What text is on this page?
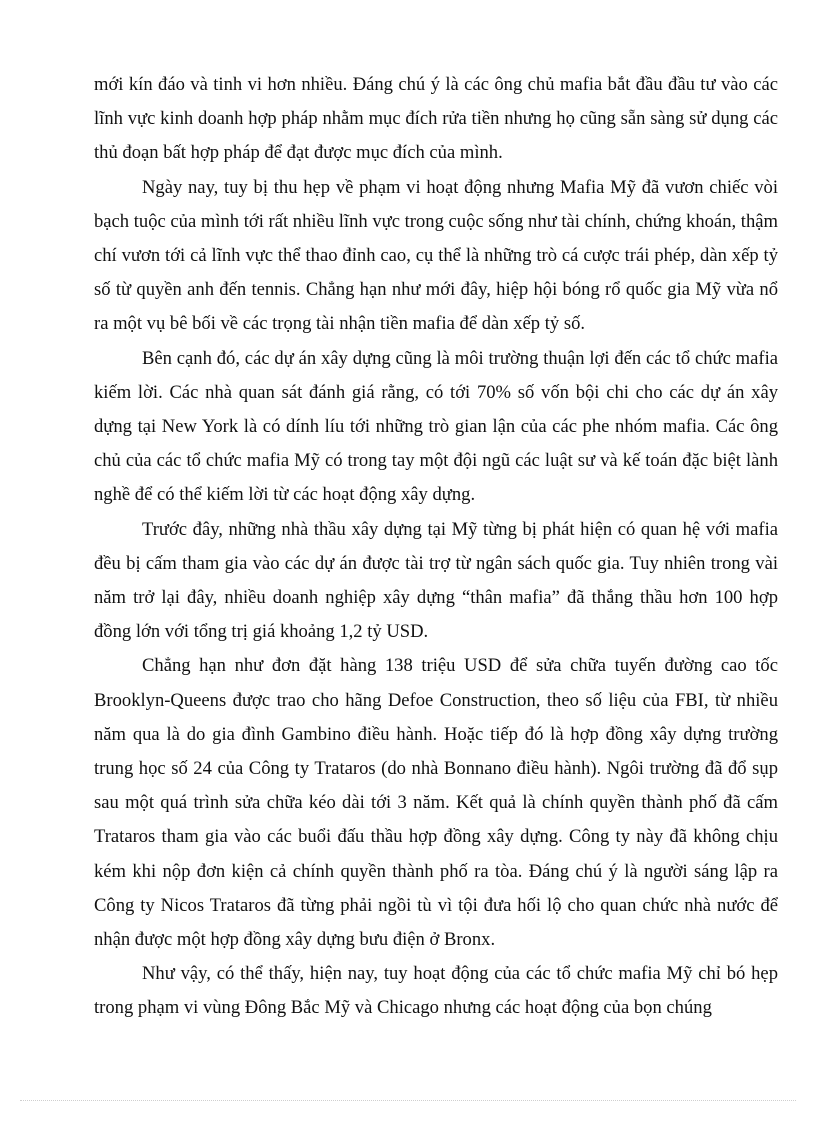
mới kín đáo và tinh vi hơn nhiều. Đáng chú ý là các ông chủ mafia bắt đầu đầu tư vào các lĩnh vực kinh doanh hợp pháp nhằm mục đích rửa tiền nhưng họ cũng sẵn sàng sử dụng các thủ đoạn bất hợp pháp để đạt được mục đích của mình.

Ngày nay, tuy bị thu hẹp về phạm vi hoạt động nhưng Mafia Mỹ đã vươn chiếc vòi bạch tuộc của mình tới rất nhiều lĩnh vực trong cuộc sống như tài chính, chứng khoán, thậm chí vươn tới cả lĩnh vực thể thao đỉnh cao, cụ thể là những trò cá cược trái phép, dàn xếp tỷ số từ quyền anh đến tennis. Chẳng hạn như mới đây, hiệp hội bóng rổ quốc gia Mỹ vừa nổ ra một vụ bê bối về các trọng tài nhận tiền mafia để dàn xếp tỷ số.

Bên cạnh đó, các dự án xây dựng cũng là môi trường thuận lợi đến các tổ chức mafia kiếm lời. Các nhà quan sát đánh giá rằng, có tới 70% số vốn bội chi cho các dự án xây dựng tại New York là có dính líu tới những trò gian lận của các phe nhóm mafia. Các ông chủ của các tổ chức mafia Mỹ có trong tay một đội ngũ các luật sư và kế toán đặc biệt lành nghề để có thể kiếm lời từ các hoạt động xây dựng.

Trước đây, những nhà thầu xây dựng tại Mỹ từng bị phát hiện có quan hệ với mafia đều bị cấm tham gia vào các dự án được tài trợ từ ngân sách quốc gia. Tuy nhiên trong vài năm trở lại đây, nhiều doanh nghiệp xây dựng “thân mafia” đã thắng thầu hơn 100 hợp đồng lớn với tổng trị giá khoảng 1,2 tỷ USD.

Chẳng hạn như đơn đặt hàng 138 triệu USD để sửa chữa tuyến đường cao tốc Brooklyn-Queens được trao cho hãng Defoe Construction, theo số liệu của FBI, từ nhiều năm qua là do gia đình Gambino điều hành. Hoặc tiếp đó là hợp đồng xây dựng trường trung học số 24 của Công ty Trataros (do nhà Bonnano điều hành). Ngôi trường đã đổ sụp sau một quá trình sửa chữa kéo dài tới 3 năm. Kết quả là chính quyền thành phố đã cấm Trataros tham gia vào các buổi đấu thầu hợp đồng xây dựng. Công ty này đã không chịu kém khi nộp đơn kiện cả chính quyền thành phố ra tòa. Đáng chú ý là người sáng lập ra Công ty Nicos Trataros đã từng phải ngồi tù vì tội đưa hối lộ cho quan chức nhà nước để nhận được một hợp đồng xây dựng bưu điện ở Bronx.

Như vậy, có thể thấy, hiện nay, tuy hoạt động của các tổ chức mafia Mỹ chỉ bó hẹp trong phạm vi vùng Đông Bắc Mỹ và Chicago nhưng các hoạt động của bọn chúng
